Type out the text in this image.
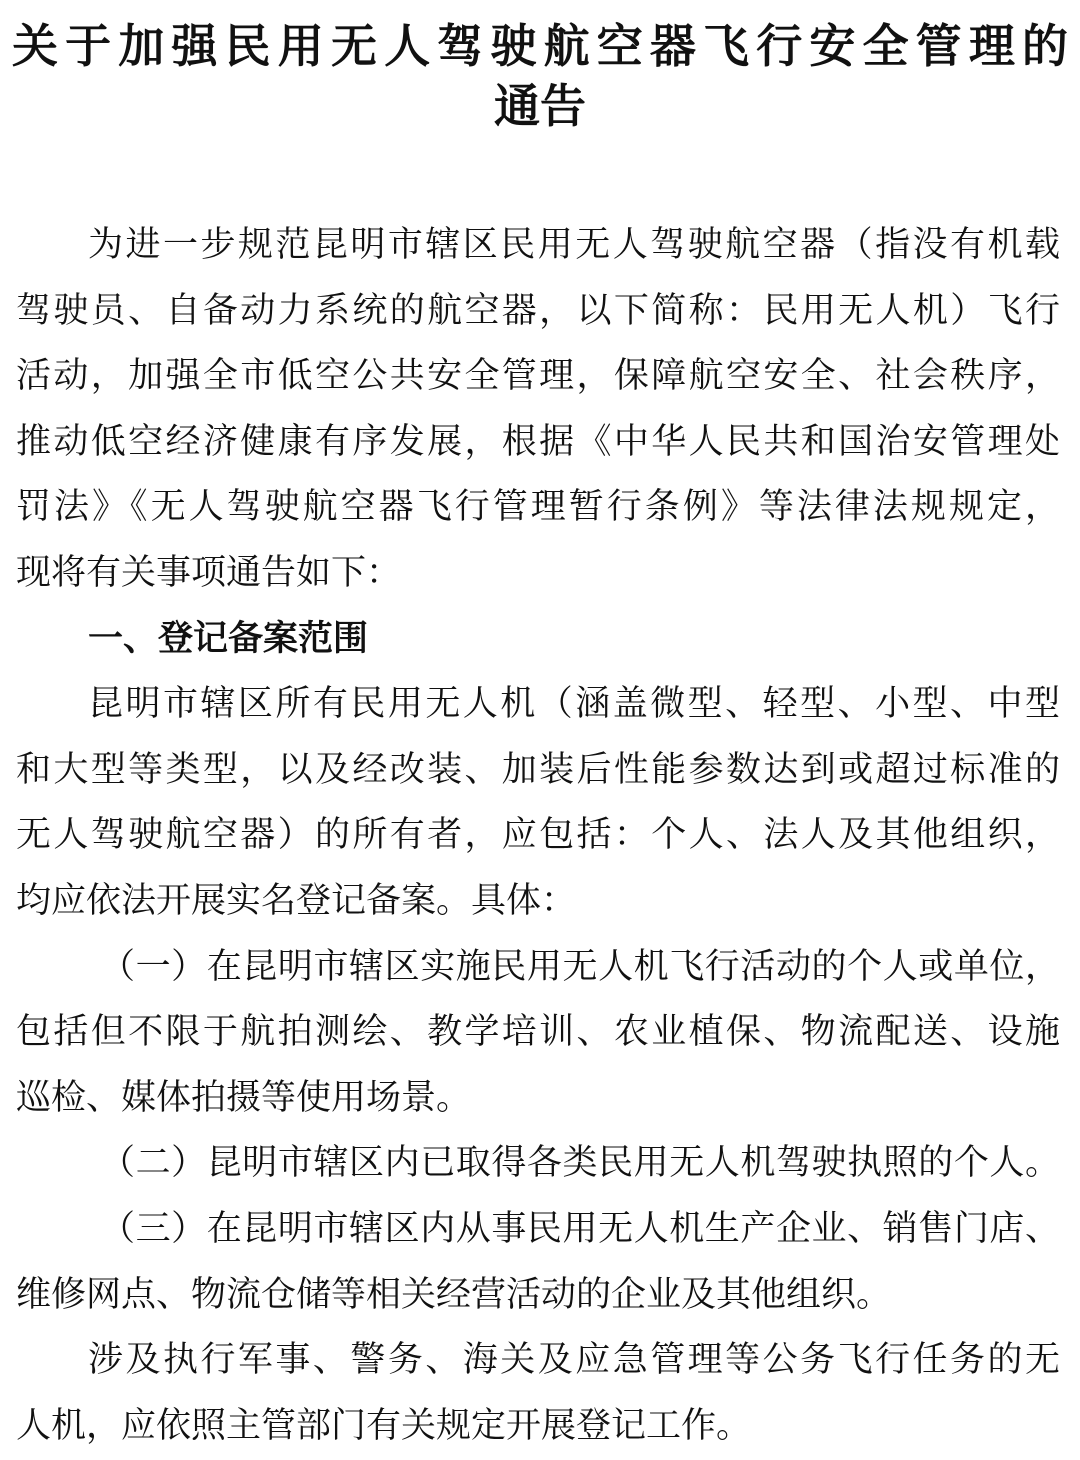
关于加强民用无人驾驶航空器飞行安全管理的
通告
为进一步规范昆明市辖区民用无人驾驶航空器（指没有机载
驾驶员、自备动力系统的航空器，以下简称：民用无人机）飞行
活动，加强全市低空公共安全管理，保障航空安全、社会秩序，
推动低空经济健康有序发展，根据《中华人民共和国治安管理处
罚法》《无人驾驶航空器飞行管理暂行条例》等法律法规规定，
现将有关事项通告如下：
一、登记备案范围
昆明市辖区所有民用无人机（涵盖微型、轻型、小型、中型
和大型等类型，以及经改装、加装后性能参数达到或超过标准的
无人驾驶航空器）的所有者，应包括：个人、法人及其他组织，
均应依法开展实名登记备案。具体：
（一）在昆明市辖区实施民用无人机飞行活动的个人或单位，
包括但不限于航拍测绘、教学培训、农业植保、物流配送、设施
巡检、媒体拍摄等使用场景。
（二）昆明市辖区内已取得各类民用无人机驾驶执照的个人。
（三）在昆明市辖区内从事民用无人机生产企业、销售门店、
维修网点、物流仓储等相关经营活动的企业及其他组织。
涉及执行军事、警务、海关及应急管理等公务飞行任务的无
人机，应依照主管部门有关规定开展登记工作。
